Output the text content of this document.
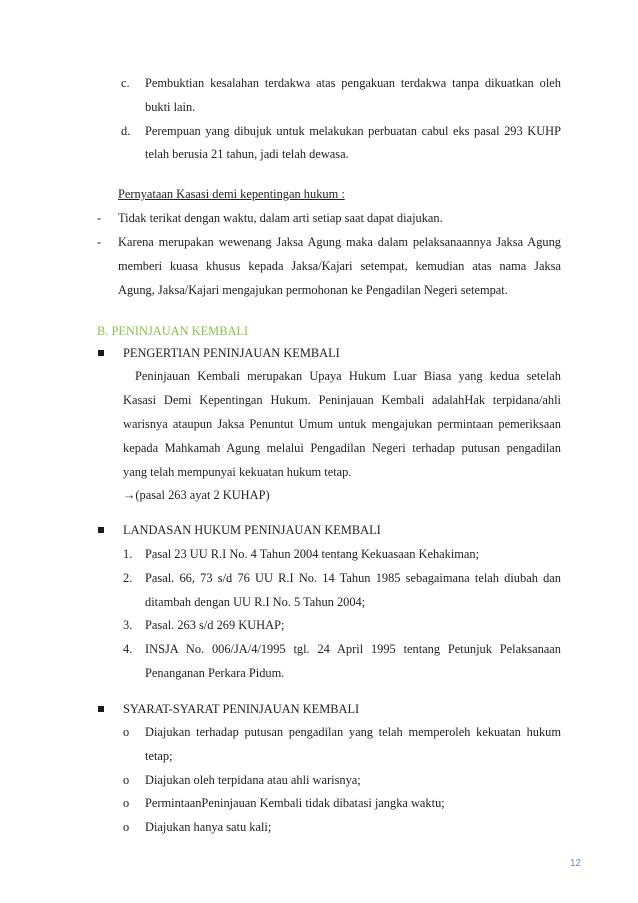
c. Pembuktian kesalahan terdakwa atas pengakuan terdakwa tanpa dikuatkan oleh
bukti lain.
d. Perempuan yang dibujuk untuk melakukan perbuatan cabul eks pasal 293 KUHP
telah berusia 21 tahun, jadi telah dewasa.
Pernyataan Kasasi demi kepentingan hukum :
- Tidak terikat dengan waktu, dalam arti setiap saat dapat diajukan.
- Karena merupakan wewenang Jaksa Agung maka dalam pelaksanaannya Jaksa Agung
memberi kuasa khusus kepada Jaksa/Kajari setempat, kemudian atas nama Jaksa
Agung, Jaksa/Kajari mengajukan permohonan ke Pengadilan Negeri setempat.
B. PENINJAUAN KEMBALI
PENGERTIAN PENINJAUAN KEMBALI
Peninjauan Kembali merupakan Upaya Hukum Luar Biasa yang kedua setelah
Kasasi Demi Kepentingan Hukum. Peninjauan Kembali adalahHak terpidana/ahli
warisnya ataupun Jaksa Penuntut Umum untuk mengajukan permintaan pemeriksaan
kepada Mahkamah Agung melalui Pengadilan Negeri terhadap putusan pengadilan
yang telah mempunyai kekuatan hukum tetap.
→(pasal 263 ayat 2 KUHAP)
LANDASAN HUKUM PENINJAUAN KEMBALI
1. Pasal 23 UU R.I No. 4 Tahun 2004 tentang Kekuasaan Kehakiman;
2. Pasal. 66, 73 s/d 76 UU R.I No. 14 Tahun 1985 sebagaimana telah diubah dan
ditambah dengan UU R.I No. 5 Tahun 2004;
3. Pasal. 263 s/d 269 KUHAP;
4. INSJA No. 006/JA/4/1995 tgl. 24 April 1995 tentang Petunjuk Pelaksanaan
Penanganan Perkara Pidum.
SYARAT-SYARAT PENINJAUAN KEMBALI
o Diajukan terhadap putusan pengadilan yang telah memperoleh kekuatan hukum
tetap;
o Diajukan oleh terpidana atau ahli warisnya;
o PermintaanPeninjauan Kembali tidak dibatasi jangka waktu;
o Diajukan hanya satu kali;
12
